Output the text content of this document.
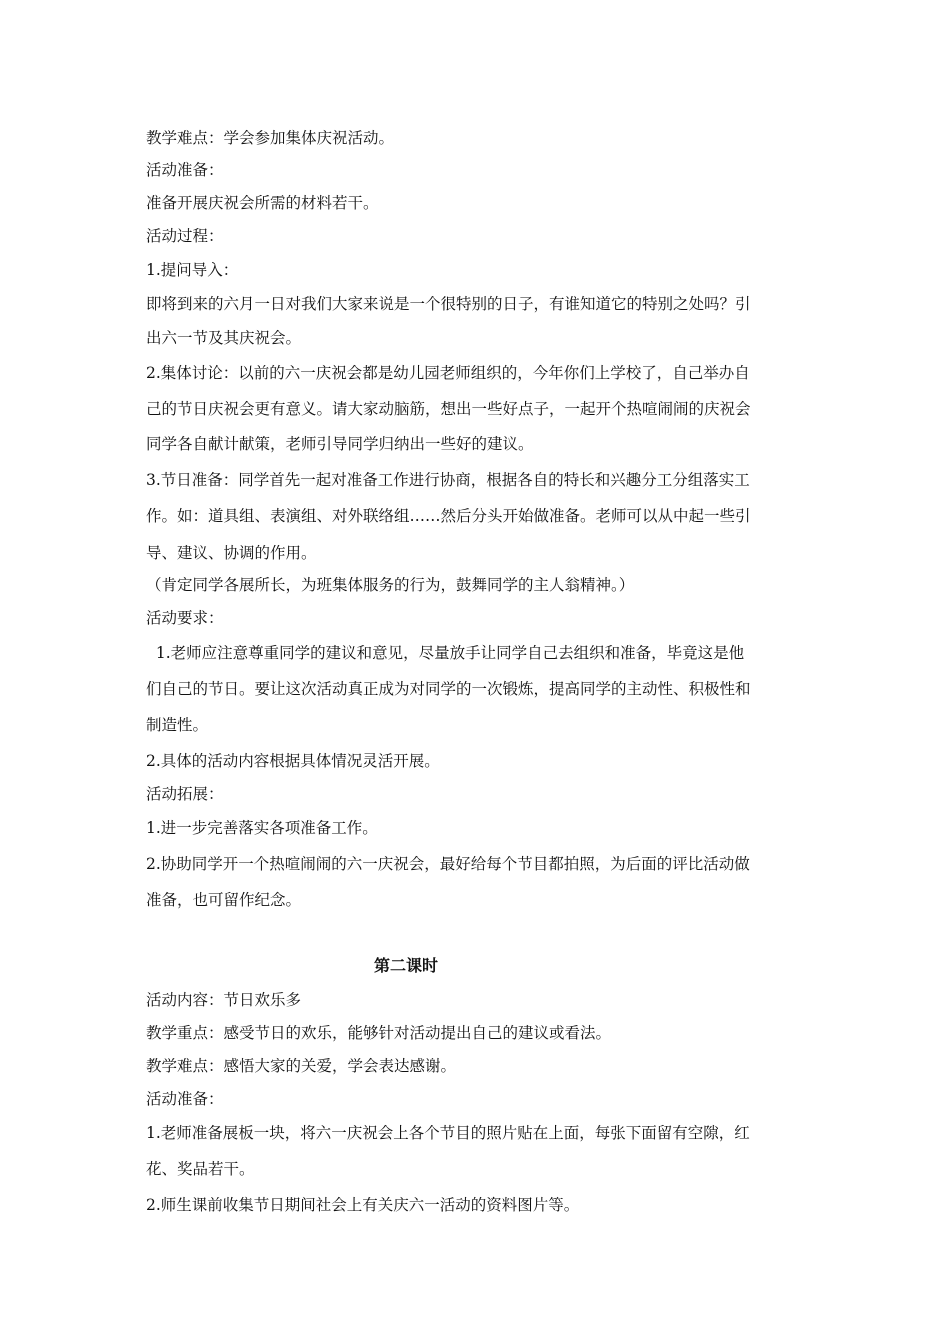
教学难点：学会参加集体庆祝活动。
活动准备：
准备开展庆祝会所需的材料若干。
活动过程：
1.提问导入：
即将到来的六月一日对我们大家来说是一个很特别的日子，有谁知道它的特别之处吗？引
出六一节及其庆祝会。
2.集体讨论：以前的六一庆祝会都是幼儿园老师组织的，今年你们上学校了，自己举办自
己的节日庆祝会更有意义。请大家动脑筋，想出一些好点子，一起开个热喧闹闹的庆祝会
同学各自献计献策，老师引导同学归纳出一些好的建议。
3.节日准备：同学首先一起对准备工作进行协商，根据各自的特长和兴趣分工分组落实工
作。如：道具组、表演组、对外联络组……然后分头开始做准备。老师可以从中起一些引
导、建议、协调的作用。
（肯定同学各展所长，为班集体服务的行为，鼓舞同学的主人翁精神。）
活动要求：
1.老师应注意尊重同学的建议和意见，尽量放手让同学自己去组织和准备，毕竟这是他
们自己的节日。要让这次活动真正成为对同学的一次锻炼，提高同学的主动性、积极性和
制造性。
2.具体的活动内容根据具体情况灵活开展。
活动拓展：
1.进一步完善落实各项准备工作。
2.协助同学开一个热喧闹闹的六一庆祝会，最好给每个节目都拍照，为后面的评比活动做
准备，也可留作纪念。
第二课时
活动内容：节日欢乐多
教学重点：感受节日的欢乐，能够针对活动提出自己的建议或看法。
教学难点：感悟大家的关爱，学会表达感谢。
活动准备：
1.老师准备展板一块，将六一庆祝会上各个节目的照片贴在上面，每张下面留有空隙，红
花、奖品若干。
2.师生课前收集节日期间社会上有关庆六一活动的资料图片等。
